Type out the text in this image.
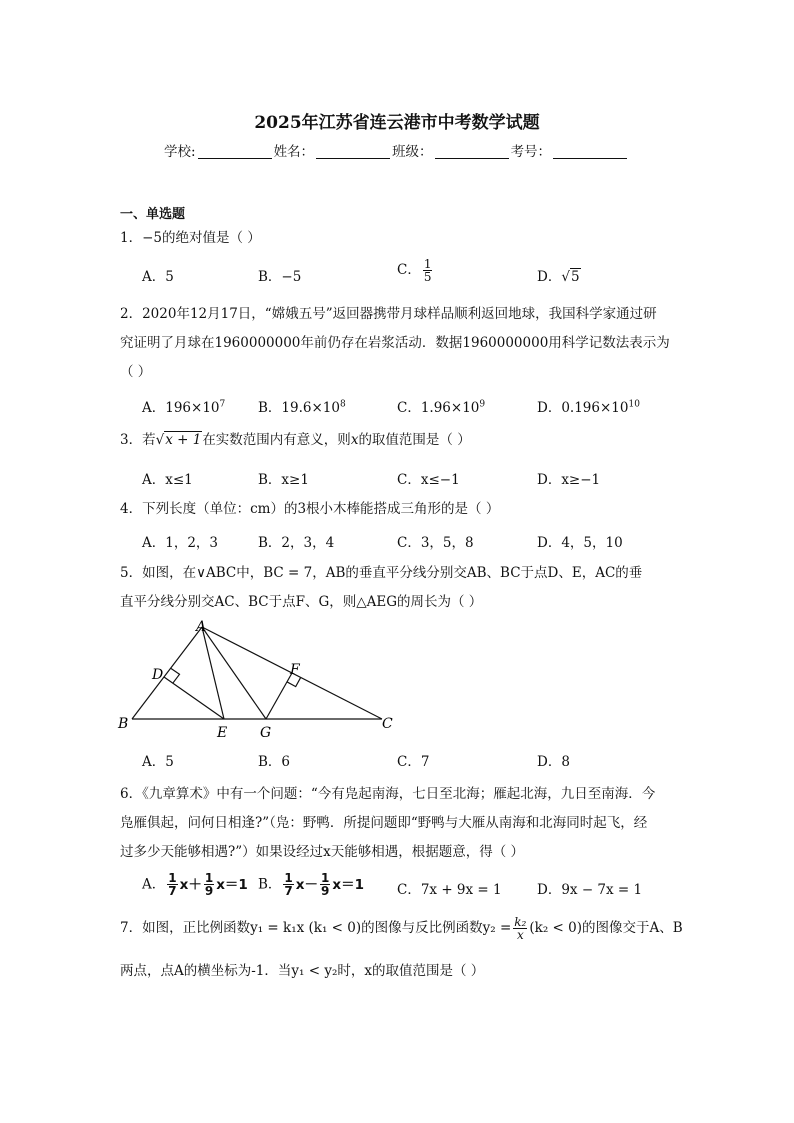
2025年江苏省连云港市中考数学试题
学校:	姓名：	班级：	考号：
一、单选题
1．−5的绝对值是（ ）
A．5	B．−5	C． $\frac{1}{5}$	D．√5
2．2020年12月17日，“嫦娥五号”返回器携带月球样品顺利返回地球，我国科学家通过研
究证明了月球在1960000000年前仍存在岩浆活动．数据1960000000用科学记数法表示为
（ ）
A．$196\times 10^7$ B．$19.6\times 10^8$	C．$1.96\times 10^9$	D．$0.196\times 10^{10}$
3．若√x + 1在实数范围内有意义，则x的取值范围是（ ）
A．x≤1	B．x≥1	C．x≤−1	D．x≥−1
4．下列长度（单位：cm）的3根小木棒能搭成三角形的是（ ）
A．1，2，3	B．2，3，4	C．3，5，8	D．4，5，10
5．如图，在∨ABC中，BC = 7，AB的垂直平分线分别交AB、BC于点D、E，AC的垂
直平分线分别交AC、BC于点F、G，则△AEG的周长为（ ）
A
B	C
D
E
F
G
A．5	B．6	C．7	D．8
6．《九章算术》中有一个问题：“今有凫起南海，七日至北海；雁起北海，九日至南海．今
凫雁俱起，问何日相逢?”（凫：野鸭．所提问题即“野鸭与大雁从南海和北海同时起飞，经
过多少天能够相遇?”）如果设经过x天能够相遇，根据题意，得（ ）
A． $\frac{1}{7} x+ \frac{1}{9} x=1$ B． $\frac{1}{7} x- \frac{1}{9} x=1$ C．7x + 9x = 1	D．9x − 7x = 1
7．如图，正比例函数y₁ = k₁x (k₁ < 0)的图像与反比例函数$y_2 = \frac{\text{k₂}}{x} (k_2 < 0)$的图像交于A、B
两点，点A的横坐标为-1．当y₁ < y₂时，x的取值范围是（ ）
